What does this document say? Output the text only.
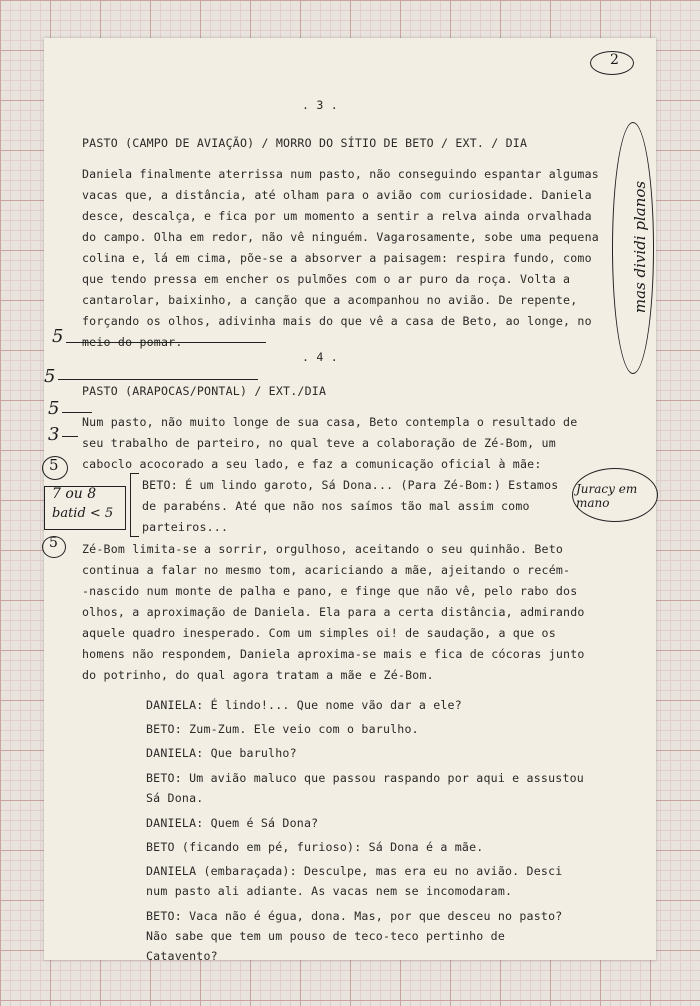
2
. 3 .
PASTO (CAMPO DE AVIAÇÃO) / MORRO DO SÍTIO DE BETO / EXT. / DIA
Daniela finalmente aterrissa num pasto, não conseguindo espantar algumas
vacas que, a distância, até olham para o avião com curiosidade. Daniela
desce, descalça, e fica por um momento a sentir a relva ainda orvalhada
do campo. Olha em redor, não vê ninguém. Vagarosamente, sobe uma pequena
colina e, lá em cima, põe-se a absorver a paisagem: respira fundo, como
que tendo pressa em encher os pulmões com o ar puro da roça. Volta a
cantarolar, baixinho, a canção que a acompanhou no avião. De repente,
forçando os olhos, adivinha mais do que vê a casa de Beto, ao longe, no
meio do pomar.
mas dividi planos
5
. 4 .
5
PASTO (ARAPOCAS/PONTAL) / EXT./DIA
5
3
Num pasto, não muito longe de sua casa, Beto contempla o resultado de
seu trabalho de parteiro, no qual teve a colaboração de Zé-Bom, um
caboclo acocorado a seu lado, e faz a comunicação oficial à mãe:
5
BETO: É um lindo garoto, Sá Dona... (Para Zé-Bom:) Estamos
de parabéns. Até que não nos saímos tão mal assim como
parteiros...
7 ou 8
batid < 5
Juracy em mano
5 Zé-Bom limita-se a sorrir, orgulhoso, aceitando o seu quinhão. Beto
continua a falar no mesmo tom, acariciando a mãe, ajeitando o recém-
-nascido num monte de palha e pano, e finge que não vê, pelo rabo dos
olhos, a aproximação de Daniela. Ela para a certa distância, admirando
aquele quadro inesperado. Com um simples oi! de saudação, a que os
homens não respondem, Daniela aproxima-se mais e fica de cócoras junto
do potrinho, do qual agora tratam a mãe e Zé-Bom.
DANIELA: É lindo!... Que nome vão dar a ele?
BETO: Zum-Zum. Ele veio com o barulho.
DANIELA: Que barulho?
BETO: Um avião maluco que passou raspando por aqui e assustou
Sá Dona.
DANIELA: Quem é Sá Dona?
BETO (ficando em pé, furioso): Sá Dona é a mãe.
DANIELA (embaraçada): Desculpe, mas era eu no avião. Desci
num pasto ali adiante. As vacas nem se incomodaram.
BETO: Vaca não é égua, dona. Mas, por que desceu no pasto?
Não sabe que tem um pouso de teco-teco pertinho de
Catavento?
